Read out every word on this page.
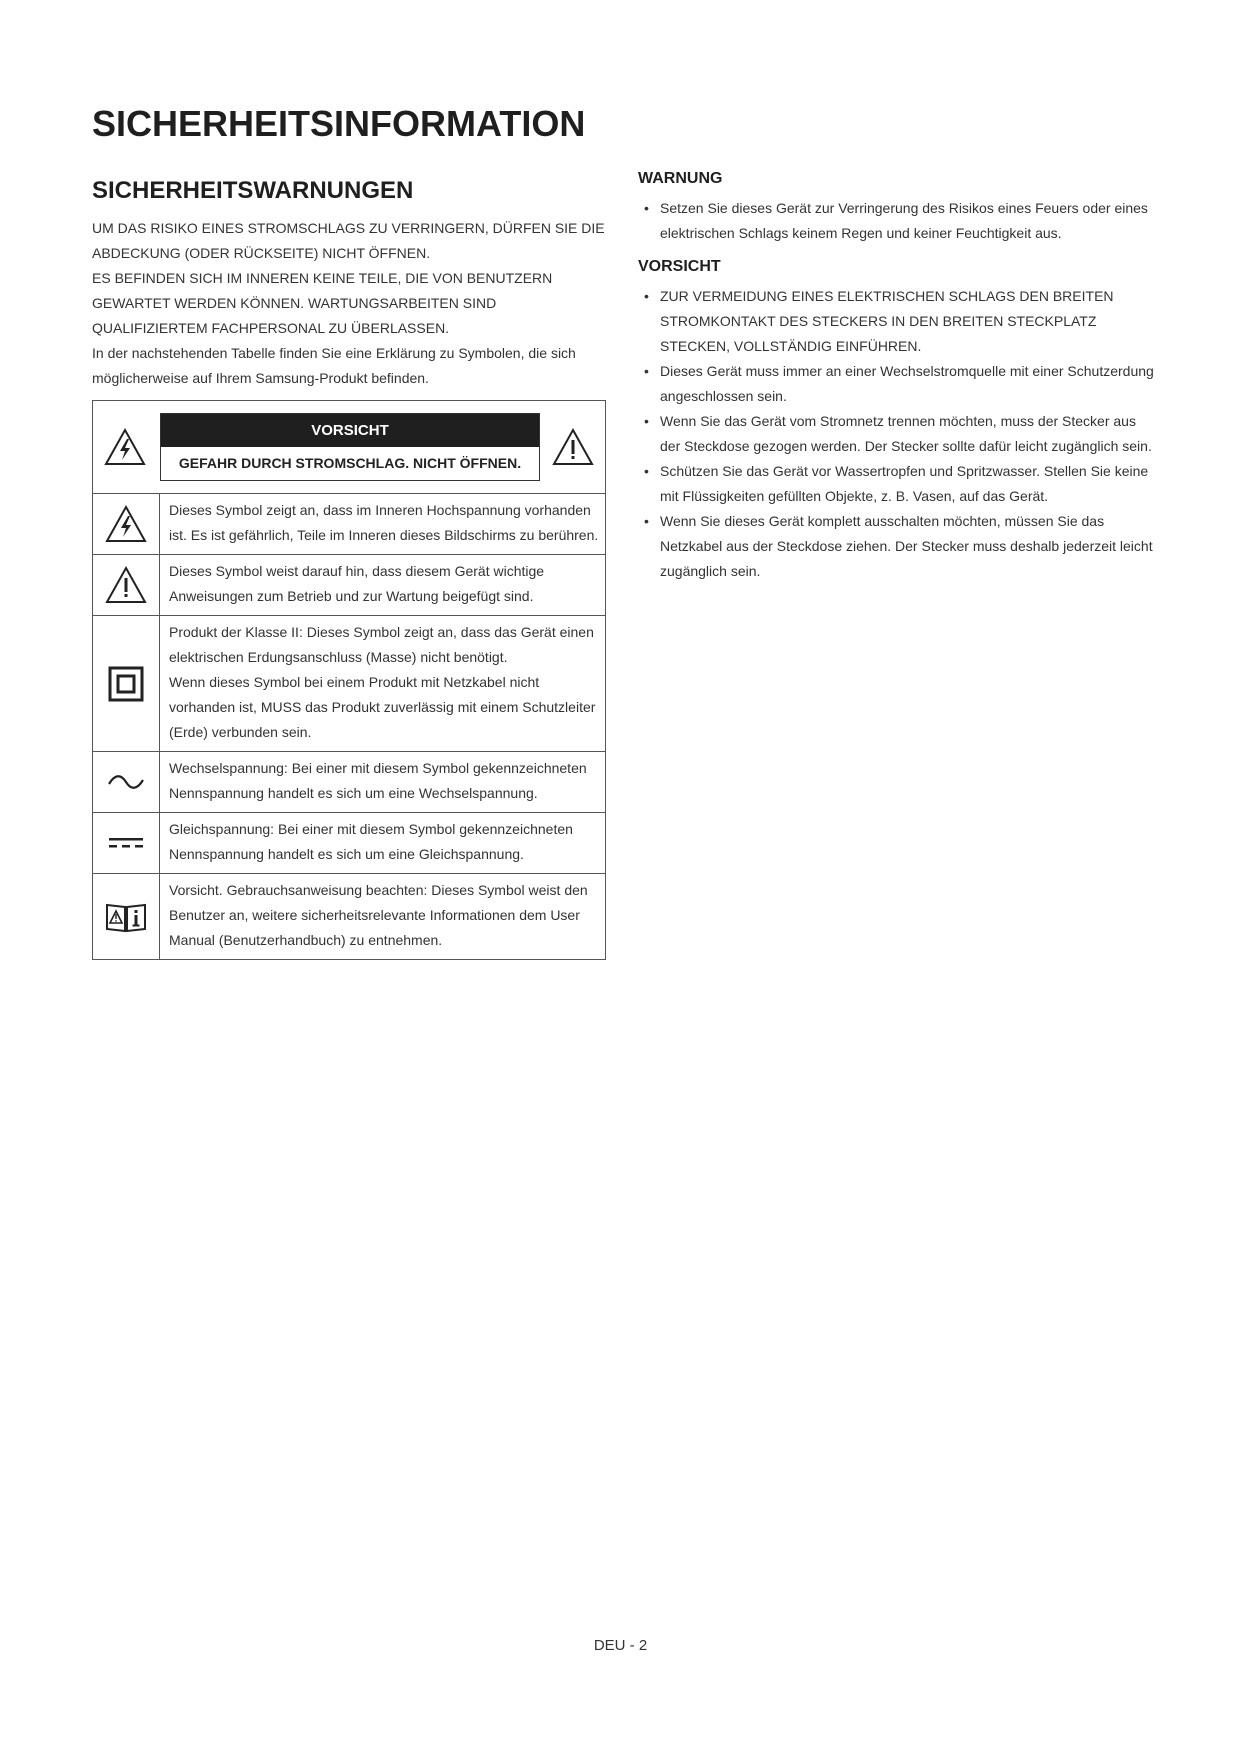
SICHERHEITSINFORMATION
SICHERHEITSWARNUNGEN

UM DAS RISIKO EINES STROMSCHLAGS ZU VERRINGERN, DÜRFEN SIE DIE ABDECKUNG (ODER RÜCKSEITE) NICHT ÖFFNEN.

ES BEFINDEN SICH IM INNEREN KEINE TEILE, DIE VON BENUTZERN GEWARTET WERDEN KÖNNEN. WARTUNGSARBEITEN SIND QUALIFIZIERTEM FACHPERSONAL ZU ÜBERLASSEN.

In der nachstehenden Tabelle finden Sie eine Erklärung zu Symbolen, die sich möglicherweise auf Ihrem Samsung-Produkt befinden.

VORSICHT
GEFAHR DURCH STROMSCHLAG. NICHT ÖFFNEN.	

Dieses Symbol zeigt an, dass im Inneren Hochspannung vorhanden ist. Es ist gefährlich, Teile im Inneren dieses Bildschirms zu berühren.

Dieses Symbol weist darauf hin, dass diesem Gerät wichtige Anweisungen zum Betrieb und zur Wartung beigefügt sind.

Produkt der Klasse II: Dieses Symbol zeigt an, dass das Gerät einen elektrischen Erdungsanschluss (Masse) nicht benötigt.

Wenn dieses Symbol bei einem Produkt mit Netzkabel nicht vorhanden ist, MUSS das Produkt zuverlässig mit einem Schutzleiter (Erde) verbunden sein.

Wechselspannung: Bei einer mit diesem Symbol gekennzeichneten Nennspannung handelt es sich um eine Wechselspannung.

Gleichspannung: Bei einer mit diesem Symbol gekennzeichneten Nennspannung handelt es sich um eine Gleichspannung.

Vorsicht. Gebrauchsanweisung beachten: Dieses Symbol weist den Benutzer an, weitere sicherheitsrelevante Informationen dem User Manual (Benutzerhandbuch) zu entnehmen.

WARNUNG
• Setzen Sie dieses Gerät zur Verringerung des Risikos eines Feuers oder eines elektrischen Schlags keinem Regen und keiner Feuchtigkeit aus.
VORSICHT
• ZUR VERMEIDUNG EINES ELEKTRISCHEN SCHLAGS DEN BREITEN STROMKONTAKT DES STECKERS IN DEN BREITEN STECKPLATZ STECKEN, VOLLSTÄNDIG EINFÜHREN.
• Dieses Gerät muss immer an einer Wechselstromquelle mit einer Schutzerdung angeschlossen sein.
• Wenn Sie das Gerät vom Stromnetz trennen möchten, muss der Stecker aus der Steckdose gezogen werden. Der Stecker sollte dafür leicht zugänglich sein.
• Schützen Sie das Gerät vor Wassertropfen und Spritzwasser. Stellen Sie keine mit Flüssigkeiten gefüllten Objekte, z. B. Vasen, auf das Gerät.
• Wenn Sie dieses Gerät komplett ausschalten möchten, müssen Sie das Netzkabel aus der Steckdose ziehen. Der Stecker muss deshalb jederzeit leicht zugänglich sein.
DEU - 2
